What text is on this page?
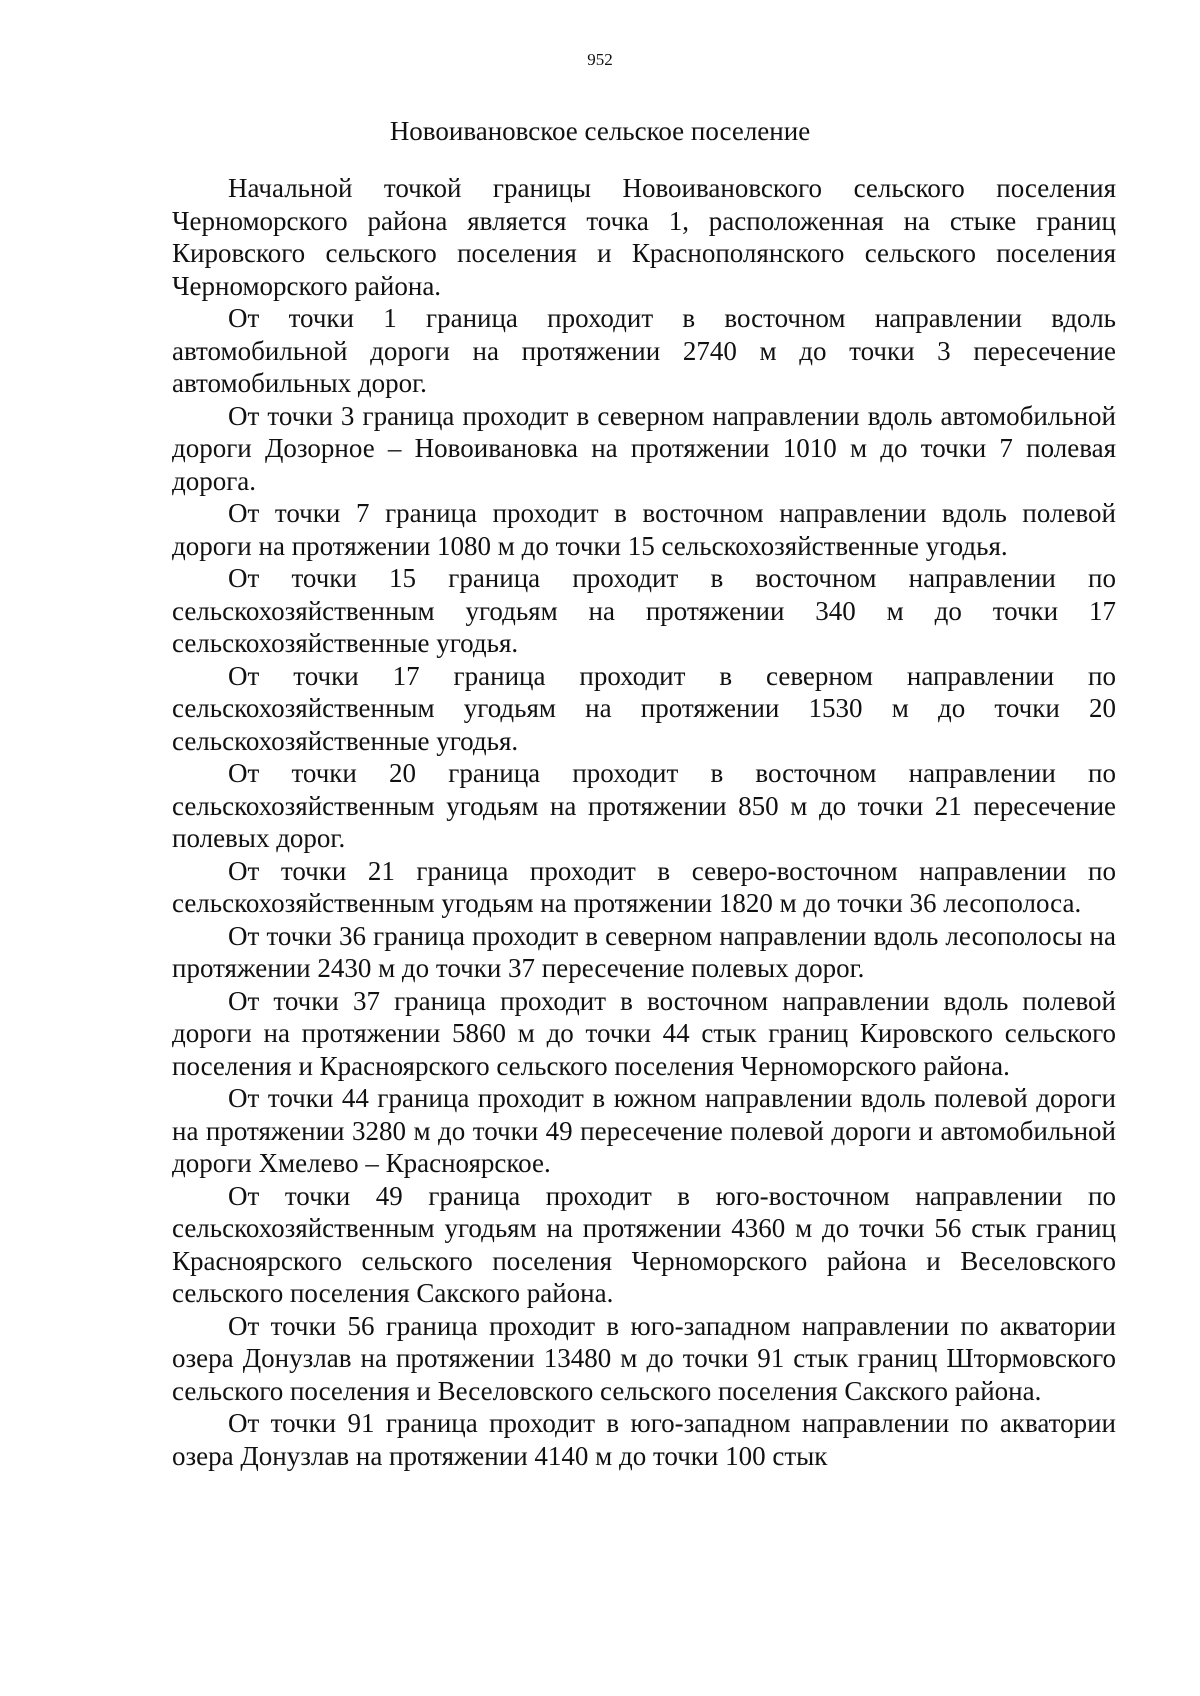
952
Новоивановское сельское поселение

Начальной точкой границы Новоивановского сельского поселения Черноморского района является точка 1, расположенная на стыке границ Кировского сельского поселения и Краснополянского сельского поселения Черноморского района.

От точки 1 граница проходит в восточном направлении вдоль автомобильной дороги на протяжении 2740 м до точки 3 пересечение автомобильных дорог.

От точки 3 граница проходит в северном направлении вдоль автомобильной дороги Дозорное – Новоивановка на протяжении 1010 м до точки 7 полевая дорога.

От точки 7 граница проходит в восточном направлении вдоль полевой дороги на протяжении 1080 м до точки 15 сельскохозяйственные угодья.

От точки 15 граница проходит в восточном направлении по сельскохозяйственным угодьям на протяжении 340 м до точки 17 сельскохозяйственные угодья.

От точки 17 граница проходит в северном направлении по сельскохозяйственным угодьям на протяжении 1530 м до точки 20 сельскохозяйственные угодья.

От точки 20 граница проходит в восточном направлении по сельскохозяйственным угодьям на протяжении 850 м до точки 21 пересечение полевых дорог.

От точки 21 граница проходит в северо-восточном направлении по сельскохозяйственным угодьям на протяжении 1820 м до точки 36 лесополоса.

От точки 36 граница проходит в северном направлении вдоль лесополосы на протяжении 2430 м до точки 37 пересечение полевых дорог.

От точки 37 граница проходит в восточном направлении вдоль полевой дороги на протяжении 5860 м до точки 44 стык границ Кировского сельского поселения и Красноярского сельского поселения Черноморского района.

От точки 44 граница проходит в южном направлении вдоль полевой дороги на протяжении 3280 м до точки 49 пересечение полевой дороги и автомобильной дороги Хмелево – Красноярское.

От точки 49 граница проходит в юго-восточном направлении по сельскохозяйственным угодьям на протяжении 4360 м до точки 56 стык границ Красноярского сельского поселения Черноморского района и Веселовского сельского поселения Сакского района.

От точки 56 граница проходит в юго-западном направлении по акватории озера Донузлав на протяжении 13480 м до точки 91 стык границ Штормовского сельского поселения и Веселовского сельского поселения Сакского района.

От точки 91 граница проходит в юго-западном направлении по акватории озера Донузлав на протяжении 4140 м до точки 100 стык
